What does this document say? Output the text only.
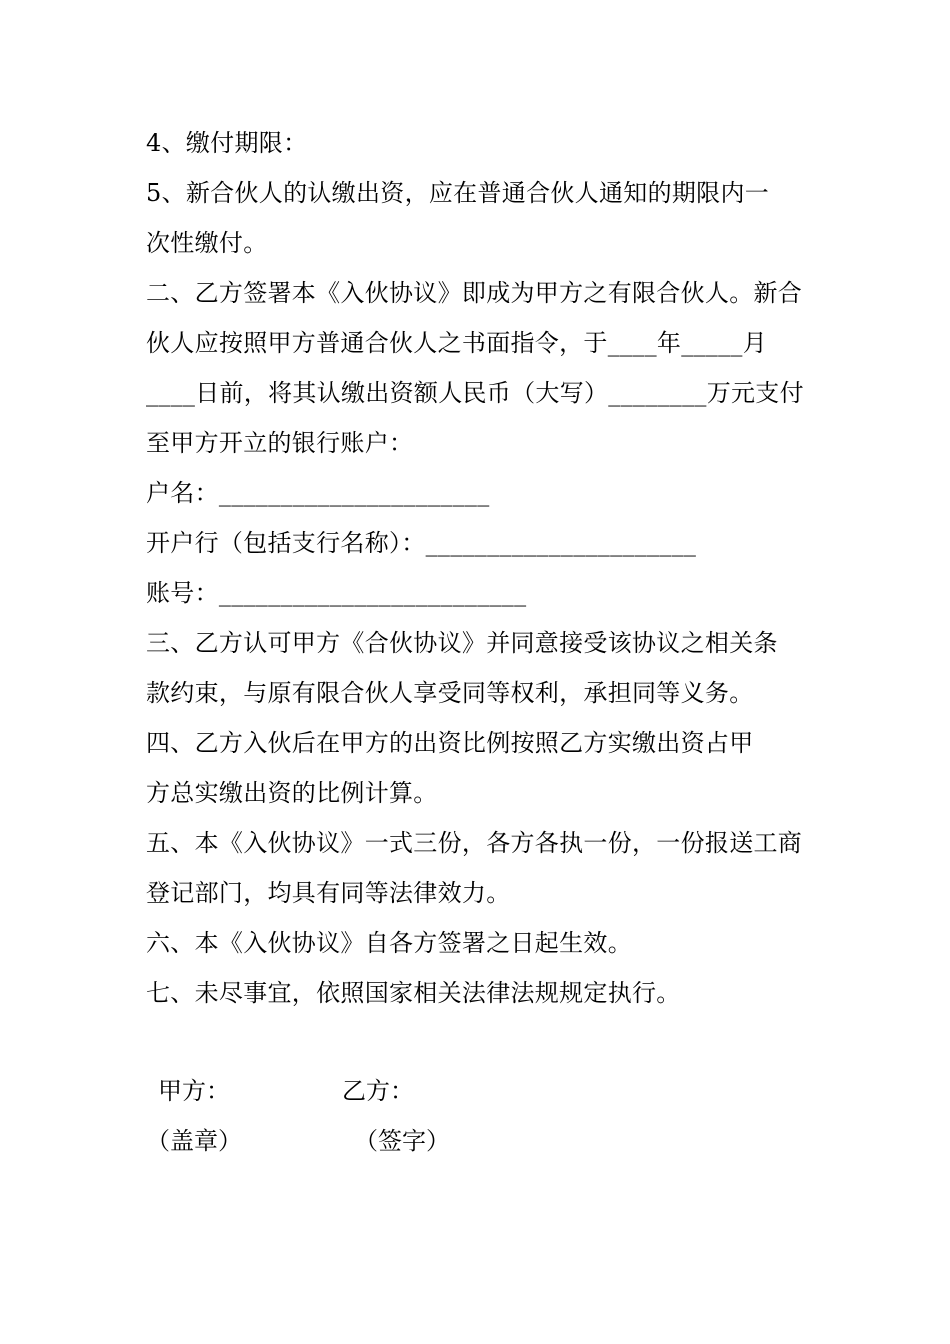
4、缴付期限：
5、新合伙人的认缴出资，应在普通合伙人通知的期限内一
次性缴付。
二、乙方签署本《入伙协议》即成为甲方之有限合伙人。新合
伙人应按照甲方普通合伙人之书面指令，于____年_____月
____日前，将其认缴出资额人民币（大写）________万元支付
至甲方开立的银行账户：
户名：______________________
开户行（包括支行名称）：______________________
账号：_________________________
三、乙方认可甲方《合伙协议》并同意接受该协议之相关条
款约束，与原有限合伙人享受同等权利，承担同等义务。
四、乙方入伙后在甲方的出资比例按照乙方实缴出资占甲
方总实缴出资的比例计算。
五、本《入伙协议》一式三份，各方各执一份，一份报送工商
登记部门，均具有同等法律效力。
六、本《入伙协议》自各方签署之日起生效。
七、未尽事宜，依照国家相关法律法规规定执行。
甲方：	乙方：
（盖章）	（签字）
